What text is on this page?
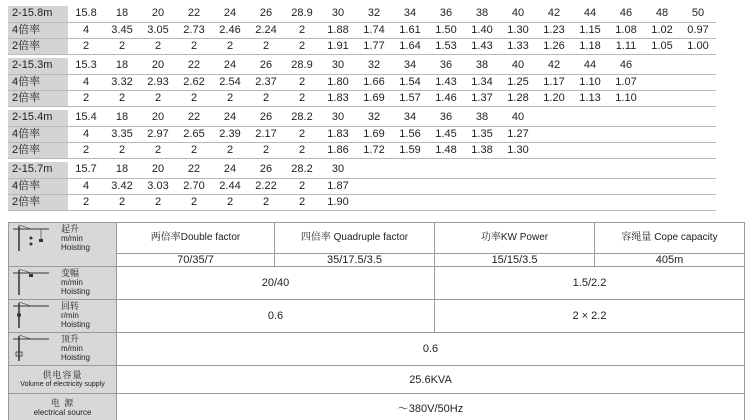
2-15.8m	15.8	18	20	22	24	26	28.9	30	32	34	36	38	40	42	44	46	48	50
4倍率	4	3.45	3.05	2.73	2.46	2.24	2	1.88	1.74	1.61	1.50	1.40	1.30	1.23	1.15	1.08	1.02	0.97
2倍率	2	2	2	2	2	2	2	1.91	1.77	1.64	1.53	1.43	1.33	1.26	1.18	1.11	1.05	1.00

2-15.3m	15.3	18	20	22	24	26	28.9	30	32	34	36	38	40	42	44	46		
4倍率	4	3.32	2.93	2.62	2.54	2.37	2	1.80	1.66	1.54	1.43	1.34	1.25	1.17	1.10	1.07		
2倍率	2	2	2	2	2	2	2	1.83	1.69	1.57	1.46	1.37	1.28	1.20	1.13	1.10		

2-15.4m	15.4	18	20	22	24	26	28.2	30	32	34	36	38	40					
4倍率	4	3.35	2.97	2.65	2.39	2.17	2	1.83	1.69	1.56	1.45	1.35	1.27					
2倍率	2	2	2	2	2	2	2	1.86	1.72	1.59	1.48	1.38	1.30					

2-15.7m	15.7	18	20	22	24	26	28.2	30										
4倍率	4	3.42	3.03	2.70	2.44	2.22	2	1.87										
2倍率	2	2	2	2	2	2	2	1.90										
起升
m/min
Hoisting	两倍率Double factor	四倍率 Quadruple factor	功率KW Power	容绳量 Cope capacity
	70/35/7	35/17.5/3.5	15/15/3.5	405m

变幅
m/min
Hoisting	20/40		1.5/2.2	

回转
r/min
Hoisting	0.6		2 × 2.2	

顶升
m/min
Hoisting	0.6			

供电容量
Volume of electricity supply	25.6KVA			

电 源
electrical source	～380V/50Hz			
